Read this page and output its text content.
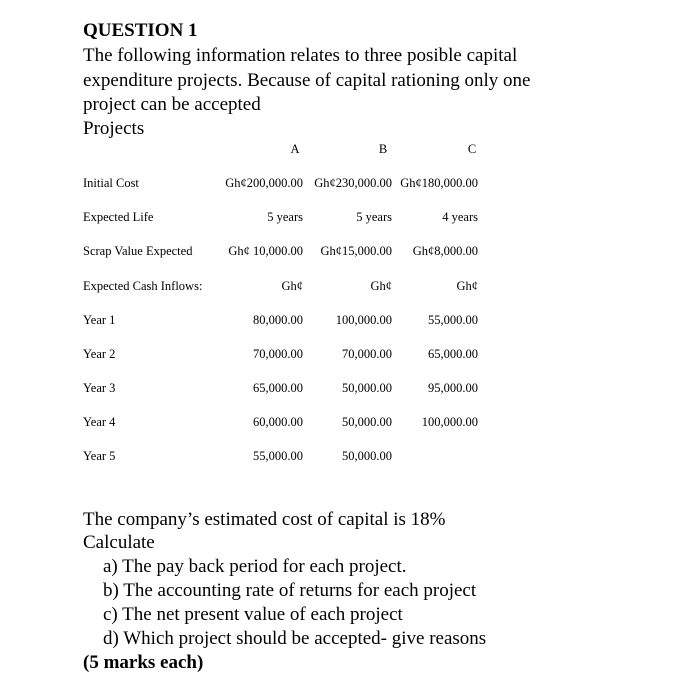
QUESTION 1
The following information relates to three posible capital
expenditure projects. Because of capital rationing only one
project can be accepted
Projects
A	B	C
Initial Cost	Gh¢200,000.00 Gh¢230,000.00 Gh¢180,000.00
Expected Life	5 years	5 years	4 years
Scrap Value Expected	Gh¢ 10,000.00	Gh¢15,000.00	Gh¢8,000.00
Expected Cash Inflows:	Gh¢	Gh¢	Gh¢
Year 1	80,000.00	100,000.00	55,000.00
Year 2	70,000.00	70,000.00	65,000.00
Year 3	65,000.00	50,000.00	95,000.00
Year 4	60,000.00	50,000.00	100,000.00
Year 5	55,000.00	50,000.00
The company’s estimated cost of capital is 18%
Calculate
a) The pay back period for each project.
b) The accounting rate of returns for each project
c) The net present value of each project
d) Which project should be accepted- give reasons
(5 marks each)
